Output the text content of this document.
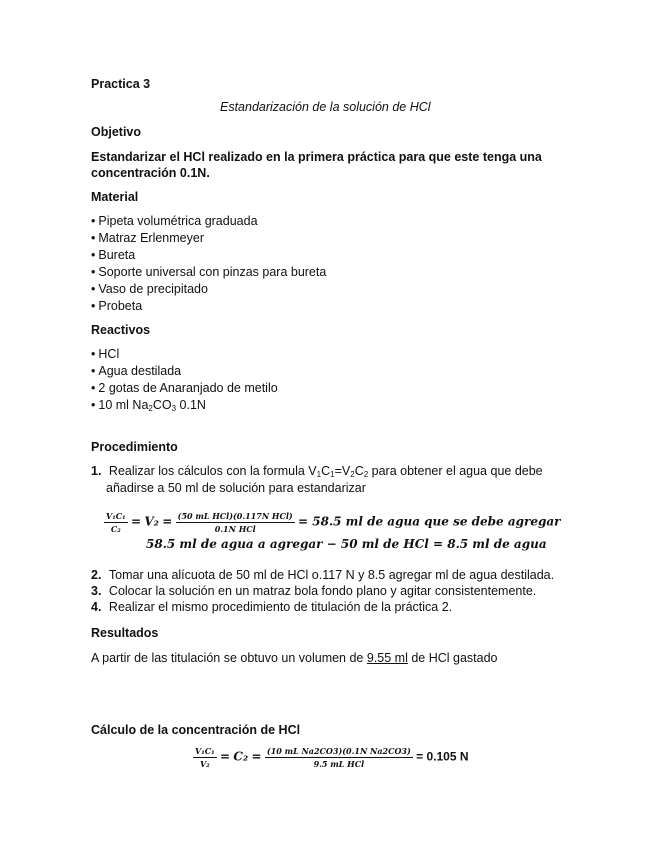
Practica 3
Estandarización de la solución de HCl
Objetivo
Estandarizar el HCl realizado en la primera práctica para que este tenga una
concentración 0.1N.
Material
• Pipeta volumétrica graduada
• Matraz Erlenmeyer
• Bureta
• Soporte universal con pinzas para bureta
• Vaso de precipitado
• Probeta
Reactivos
• HCl
• Agua destilada
• 2 gotas de Anaranjado de metilo
• 10 ml $Na_2CO_3$ 0.1N
Procedimiento
1. Realizar los cálculos con la formula $V_1C_1=V_2C_2$ para obtener el agua que debe
añadirse a 50 ml de solución para estandarizar
$\frac{\text{V₁C₁}}{\text{C₂}} = V_2 = \frac{\text{(50 mL HCl)(0.117N HCl)}}{\text{0.1N HCl}} = 58.5$ ml de agua que se debe agregar
58.5 ml de agua a agregar − 50 ml de HCl = 8.5 ml de agua
2. Tomar una alícuota de 50 ml de HCl o.117 N y 8.5 agregar ml de agua destilada.
3. Colocar la solución en un matraz bola fondo plano y agitar consistentemente.
4. Realizar el mismo procedimiento de titulación de la práctica 2.
Resultados
A partir de las titulación se obtuvo un volumen de 9.55 ml de HCl gastado
Cálculo de la concentración de HCl
$\frac{\text{V₁C₁}}{\text{V₂}} = C_2 = \frac{\text{(10 mL Na2CO3)(0.1N Na2CO3)}}{\text{9.5 mL HCl}} = 0.105$ N
